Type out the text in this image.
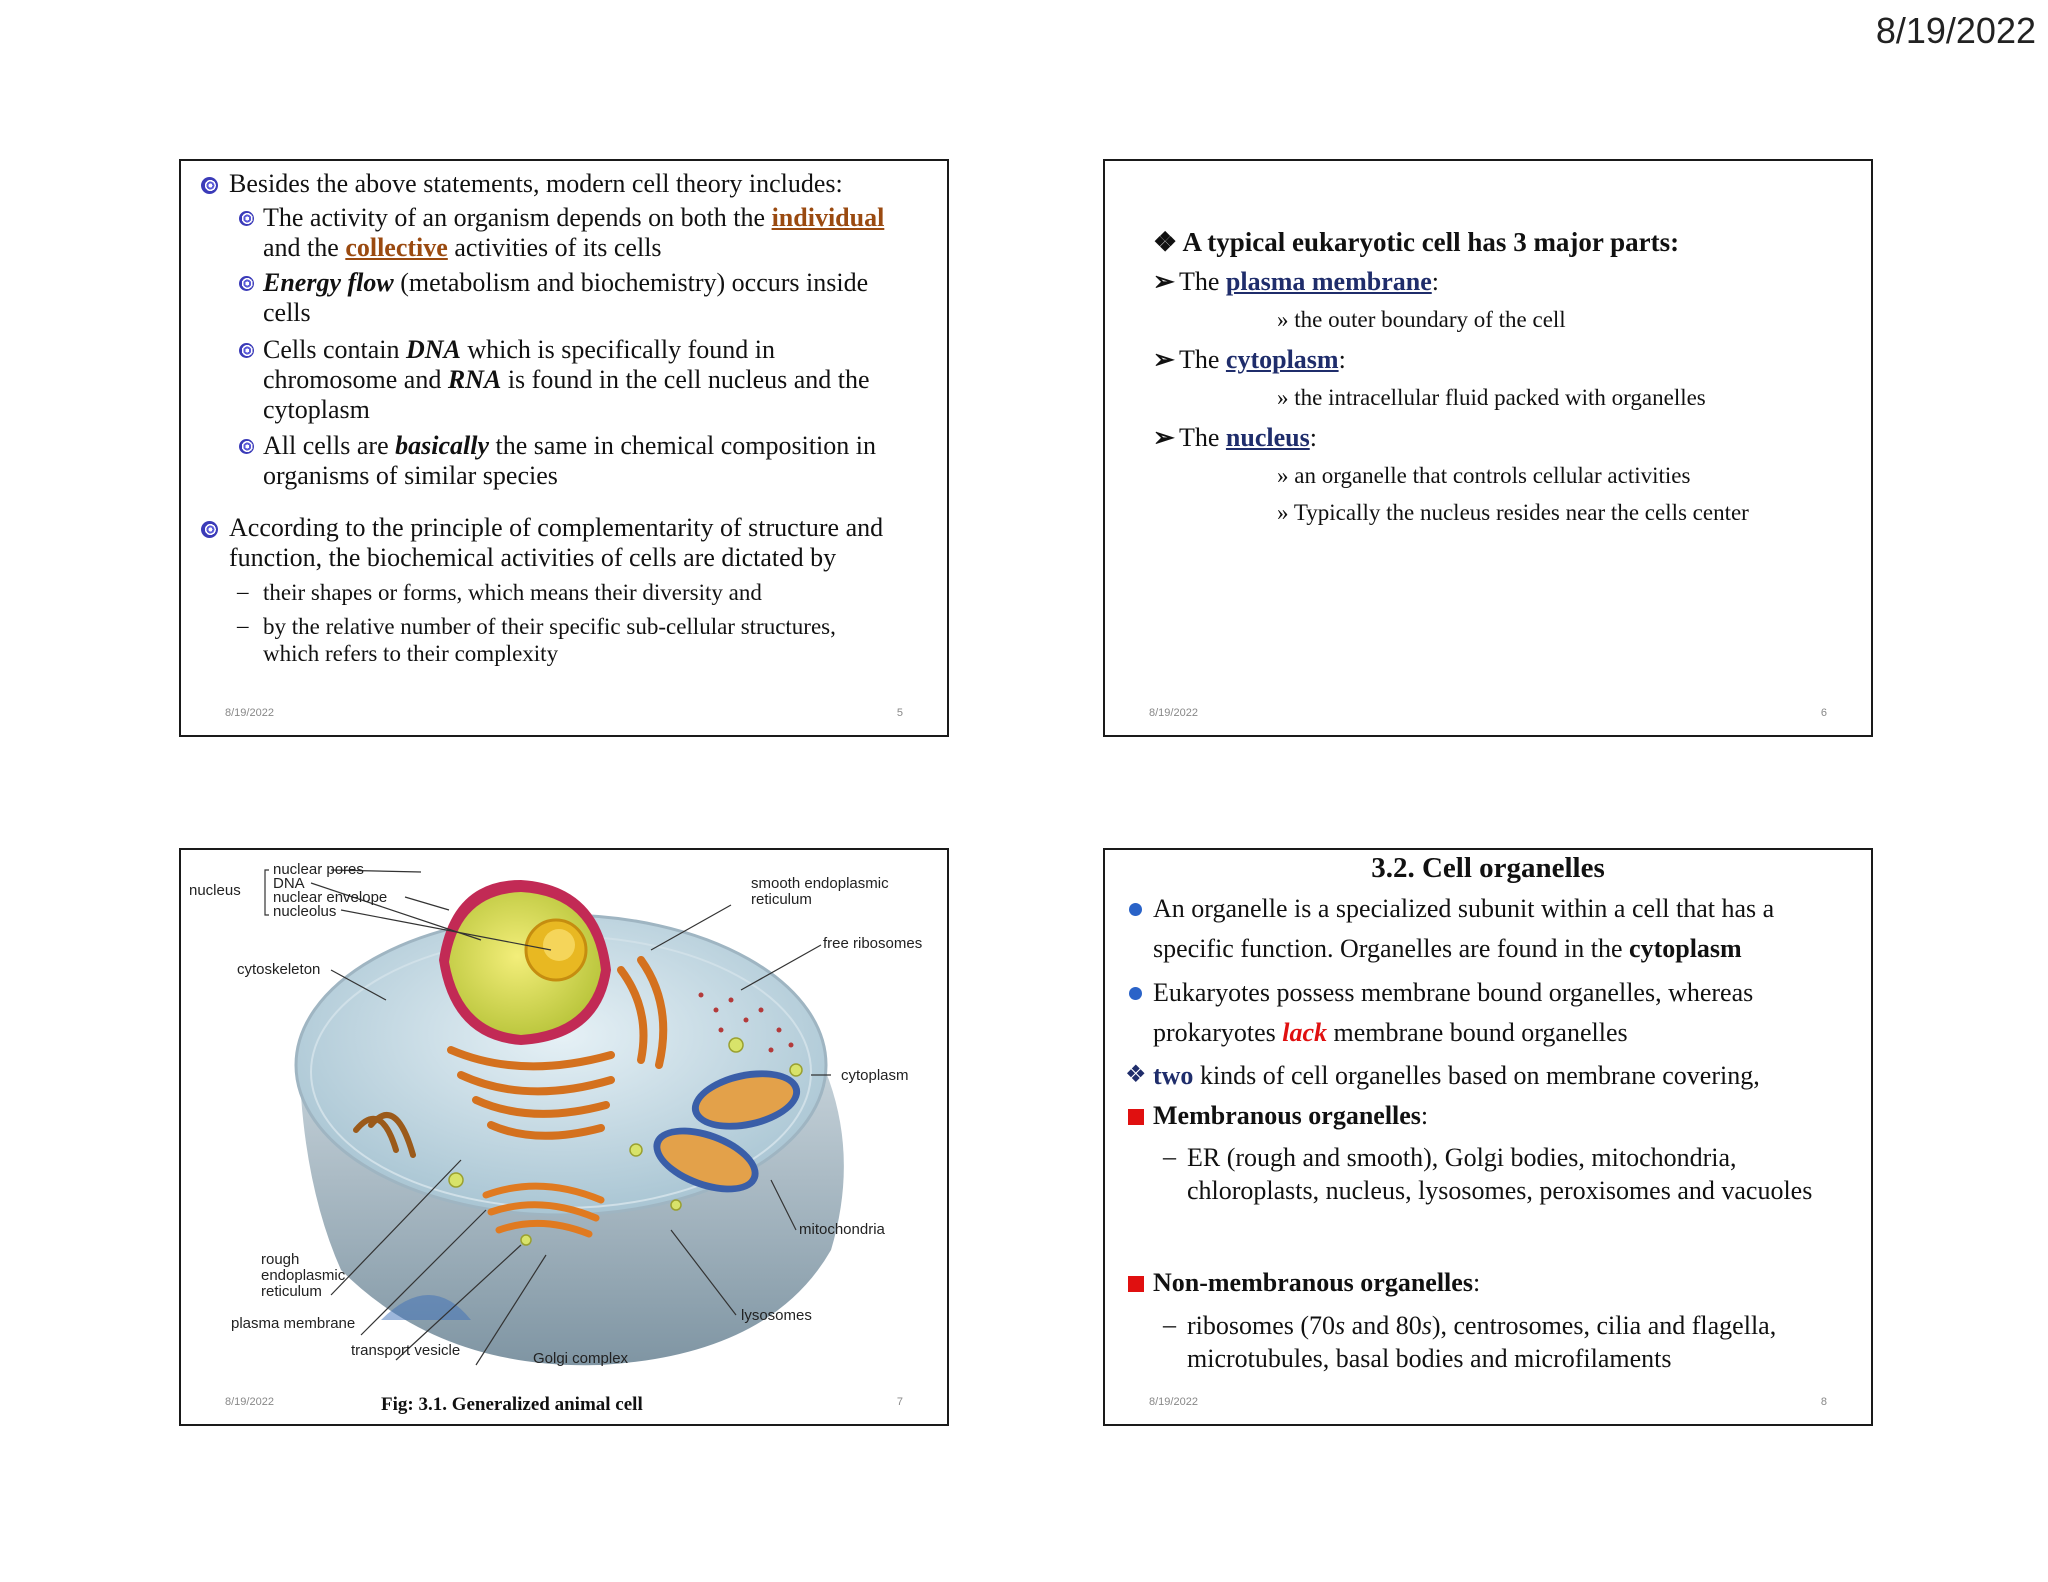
8/19/2022
Besides the above statements, modern cell theory includes:
The activity of an organism depends on both the individual
and the collective activities of its cells
Energy flow (metabolism and biochemistry) occurs inside
cells
Cells contain DNA which is specifically found in
chromosome and RNA is found in the cell nucleus and the
cytoplasm
All cells are basically the same in chemical composition in
organisms of similar species
According to the principle of complementarity of structure and
function, the biochemical activities of cells are dictated by
– their shapes or forms, which means their diversity and
– by the relative number of their specific sub-cellular structures,
which refers to their complexity
8/19/2022	5
❖ A typical eukaryotic cell has 3 major parts:
➢ The plasma membrane:
» the outer boundary of the cell
➢ The cytoplasm:
» the intracellular fluid packed with organelles
➢ The nucleus:
» an organelle that controls cellular activities
» Typically the nucleus resides near the cells center
8/19/2022	6
nucleus
nuclear pores
DNA
nuclear envelope
nucleolus
smooth endoplasmic
reticulum
free ribosomes
cytoskeleton
cytoplasm
mitochondria
rough
endoplasmic
reticulum
plasma membrane
transport vesicle	Golgi complex
lysosomes
Fig: 3.1. Generalized animal cell
8/19/2022	7
3.2. Cell organelles
An organelle is a specialized subunit within a cell that has a
specific function. Organelles are found in the cytoplasm
Eukaryotes possess membrane bound organelles, whereas
prokaryotes lack membrane bound organelles
❖ two kinds of cell organelles based on membrane covering,
Membranous organelles:
– ER (rough and smooth), Golgi bodies, mitochondria, chloroplasts, nucleus, lysosomes, peroxisomes and vacuoles
Non-membranous organelles:
– ribosomes (70s and 80s), centrosomes, cilia and flagella, microtubules, basal bodies and microfilaments
8/19/2022	8
